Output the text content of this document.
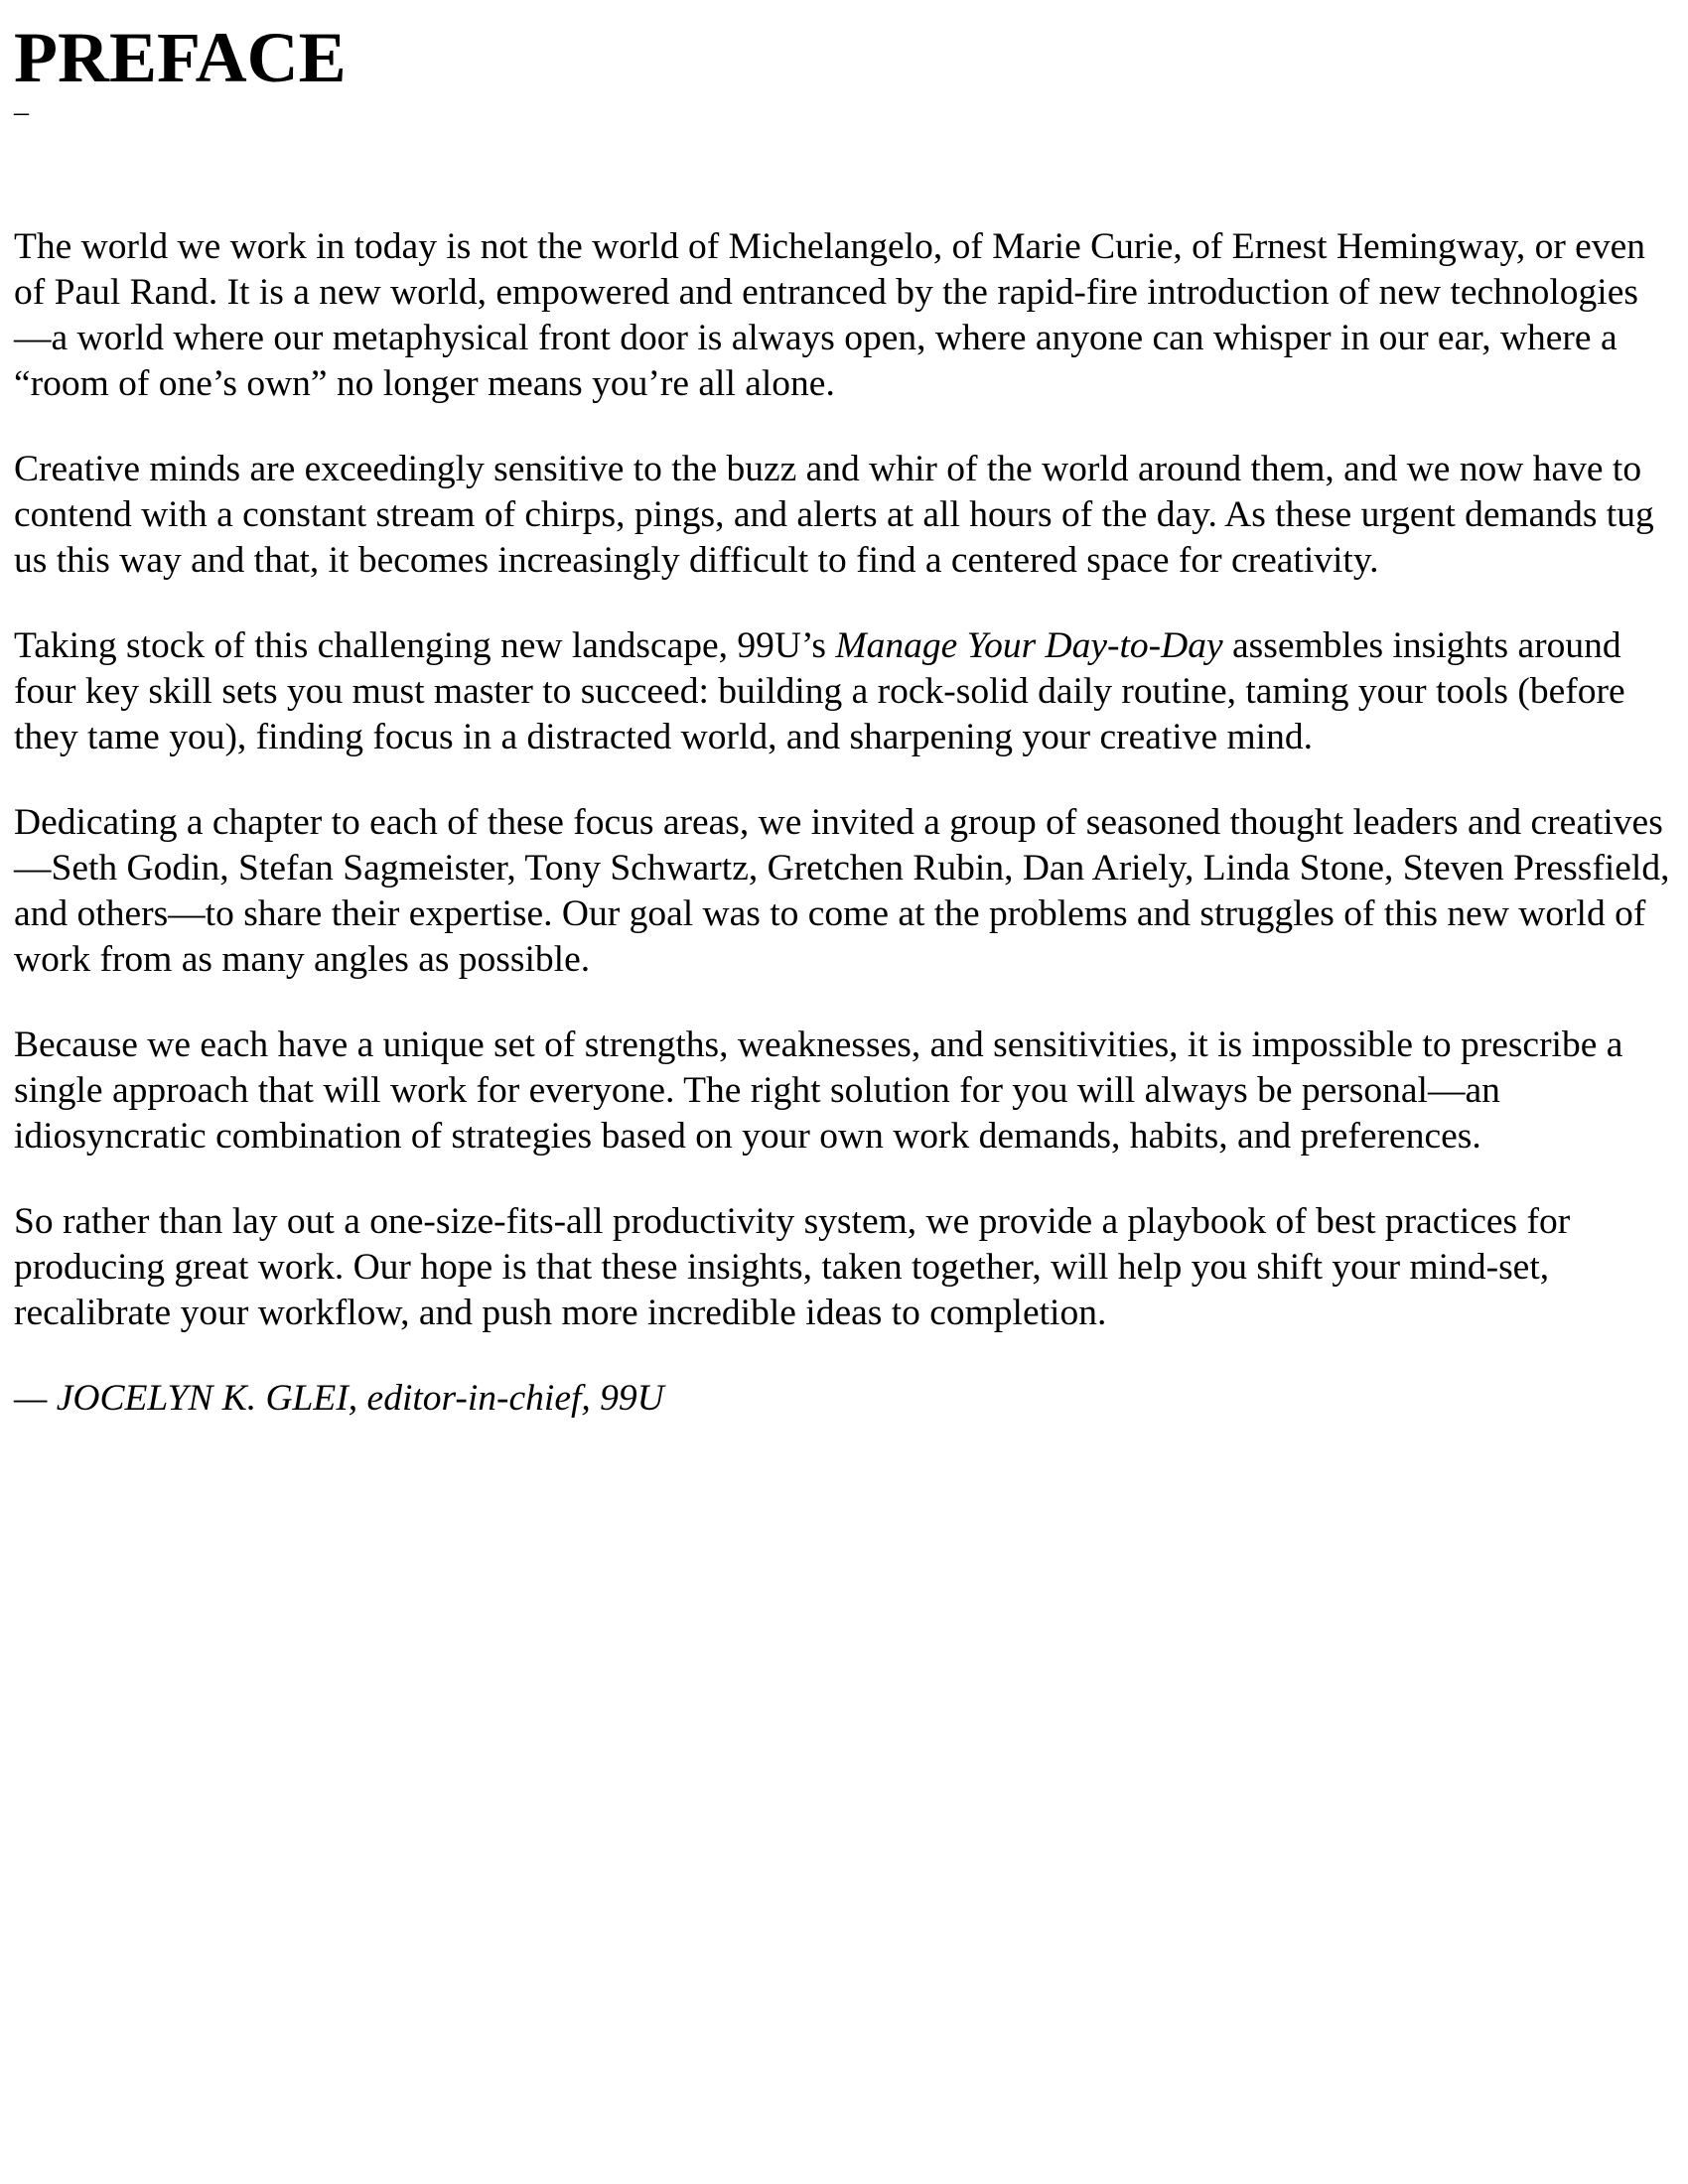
PREFACE
–

The world we work in today is not the world of Michelangelo, of Marie Curie, of Ernest Hemingway, or even of Paul Rand. It is a new world, empowered and entranced by the rapid-fire introduction of new technologies—a world where our metaphysical front door is always open, where anyone can whisper in our ear, where a “room of one’s own” no longer means you’re all alone.

Creative minds are exceedingly sensitive to the buzz and whir of the world around them, and we now have to contend with a constant stream of chirps, pings, and alerts at all hours of the day. As these urgent demands tug us this way and that, it becomes increasingly difficult to find a centered space for creativity.

Taking stock of this challenging new landscape, 99U’s Manage Your Day-to-Day assembles insights around four key skill sets you must master to succeed: building a rock-solid daily routine, taming your tools (before they tame you), finding focus in a distracted world, and sharpening your creative mind.

Dedicating a chapter to each of these focus areas, we invited a group of seasoned thought leaders and creatives—Seth Godin, Stefan Sagmeister, Tony Schwartz, Gretchen Rubin, Dan Ariely, Linda Stone, Steven Pressfield, and others—to share their expertise. Our goal was to come at the problems and struggles of this new world of work from as many angles as possible.

Because we each have a unique set of strengths, weaknesses, and sensitivities, it is impossible to prescribe a single approach that will work for everyone. The right solution for you will always be personal—an idiosyncratic combination of strategies based on your own work demands, habits, and preferences.

So rather than lay out a one-size-fits-all productivity system, we provide a playbook of best practices for producing great work. Our hope is that these insights, taken together, will help you shift your mind-set, recalibrate your workflow, and push more incredible ideas to completion.

— JOCELYN K. GLEI, editor-in-chief, 99U
